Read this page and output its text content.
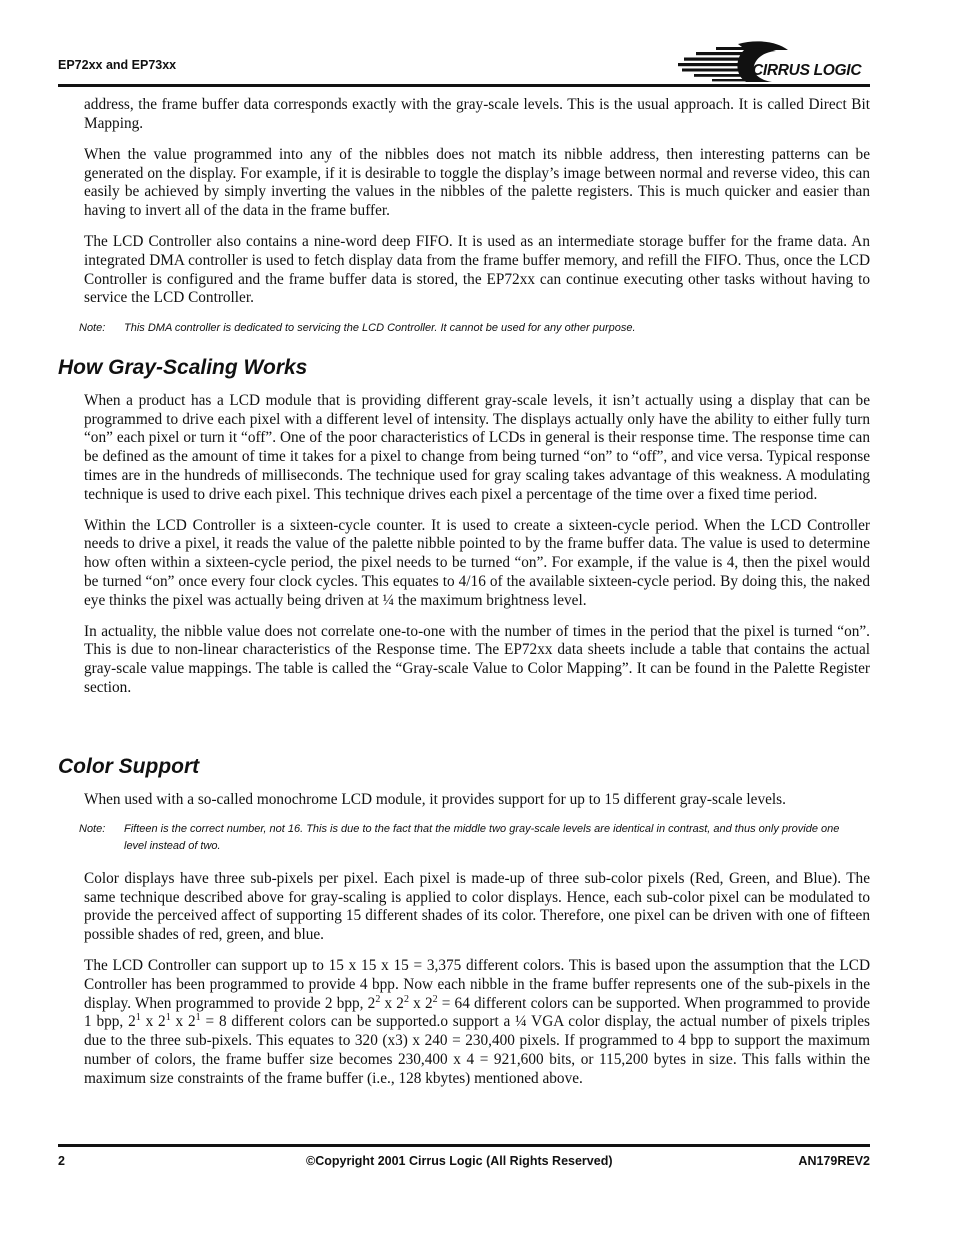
EP72xx and EP73xx	CIRRUS LOGIC

address, the frame buffer data corresponds exactly with the gray-scale levels. This is the usual approach. It is called Direct Bit Mapping.

When the value programmed into any of the nibbles does not match its nibble address, then interesting patterns can be generated on the display. For example, if it is desirable to toggle the display’s image between normal and reverse video, this can easily be achieved by simply inverting the values in the nibbles of the palette registers. This is much quicker and easier than having to invert all of the data in the frame buffer.

The LCD Controller also contains a nine-word deep FIFO. It is used as an intermediate storage buffer for the frame data. An integrated DMA controller is used to fetch display data from the frame buffer memory, and refill the FIFO. Thus, once the LCD Controller is configured and the frame buffer data is stored, the EP72xx can continue executing other tasks without having to service the LCD Controller.

Note: This DMA controller is dedicated to servicing the LCD Controller. It cannot be used for any other purpose.
How Gray-Scaling Works

When a product has a LCD module that is providing different gray-scale levels, it isn’t actually using a display that can be programmed to drive each pixel with a different level of intensity. The displays actually only have the ability to either fully turn “on” each pixel or turn it “off”. One of the poor characteristics of LCDs in general is their response time. The response time can be defined as the amount of time it takes for a pixel to change from being turned “on” to “off”, and vice versa. Typical response times are in the hundreds of milliseconds. The technique used for gray scaling takes advantage of this weakness. A modulating technique is used to drive each pixel. This technique drives each pixel a percentage of the time over a fixed time period.

Within the LCD Controller is a sixteen-cycle counter. It is used to create a sixteen-cycle period. When the LCD Controller needs to drive a pixel, it reads the value of the palette nibble pointed to by the frame buffer data. The value is used to determine how often within a sixteen-cycle period, the pixel needs to be turned “on”. For example, if the value is 4, then the pixel would be turned “on” once every four clock cycles. This equates to 4/16 of the available sixteen-cycle period. By doing this, the naked eye thinks the pixel was actually being driven at ¼ the maximum brightness level.

In actuality, the nibble value does not correlate one-to-one with the number of times in the period that the pixel is turned “on”. This is due to non-linear characteristics of the Response time. The EP72xx data sheets include a table that contains the actual gray-scale value mappings. The table is called the “Gray-scale Value to Color Mapping”. It can be found in the Palette Register section.

Color Support

When used with a so-called monochrome LCD module, it provides support for up to 15 different gray-scale levels.

Note: Fifteen is the correct number, not 16. This is due to the fact that the middle two gray-scale levels are identical in contrast, and thus only provide one level instead of two.

Color displays have three sub-pixels per pixel. Each pixel is made-up of three sub-color pixels (Red, Green, and Blue). The same technique described above for gray-scaling is applied to color displays. Hence, each sub-color pixel can be modulated to provide the perceived affect of supporting 15 different shades of its color. Therefore, one pixel can be driven with one of fifteen possible shades of red, green, and blue.

The LCD Controller can support up to 15 x 15 x 15 = 3,375 different colors. This is based upon the assumption that the LCD Controller has been programmed to provide 4 bpp. Now each nibble in the frame buffer represents one of the sub-pixels in the display. When programmed to provide 2 bpp, $2^2$ x $2^2$ x $2^2 = 64$ different colors can be supported. When programmed to provide 1 bpp, $2^1$ x $2^1$ x $2^1 = 8$ different colors can be supported.o support a ¼ VGA color display, the actual number of pixels triples due to the three sub-pixels. This equates to 320 (x3) x 240 = 230,400 pixels. If programmed to 4 bpp to support the maximum number of colors, the frame buffer size becomes 230,400 x 4 = 921,600 bits, or 115,200 bytes in size. This falls within the maximum size constraints of the frame buffer (i.e., 128 kbytes) mentioned above.

2	©Copyright 2001 Cirrus Logic (All Rights Reserved)	AN179REV2
